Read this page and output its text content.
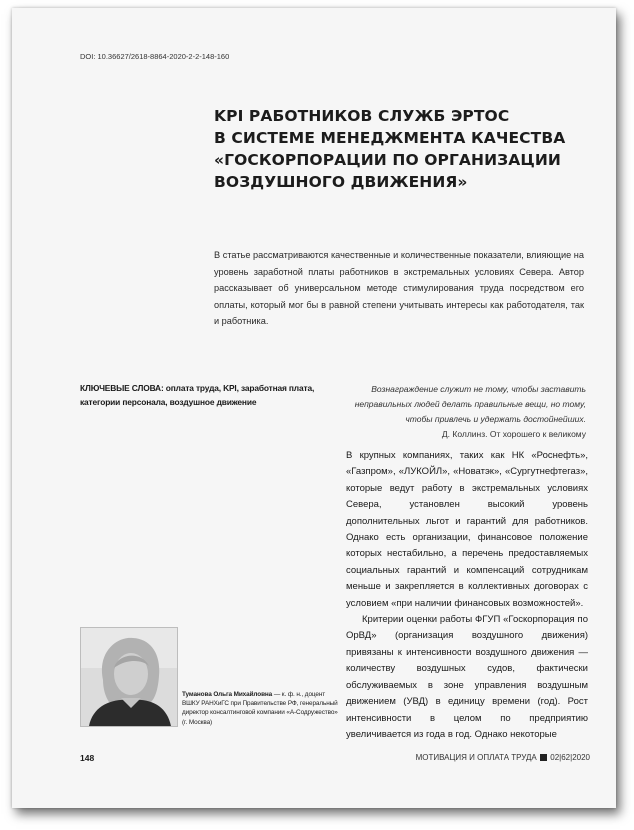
DOI: 10.36627/2618-8864-2020-2-2-148-160
KPI РАБОТНИКОВ СЛУЖБ ЭРТОС
В СИСТЕМЕ МЕНЕДЖМЕНТА КАЧЕСТВА
«ГОСКОРПОРАЦИИ ПО ОРГАНИЗАЦИИ
ВОЗДУШНОГО ДВИЖЕНИЯ»

В статье рассматриваются качественные и количественные показатели, влияющие на уровень заработной платы работников в экстремальных условиях Севера. Автор рассказывает об универсальном методе стимулирования труда посредством его оплаты, который мог бы в равной степени учитывать интересы как работодателя, так и работника.

КЛЮЧЕВЫЕ СЛОВА: оплата труда, KPI, заработная плата, категории персонала, воздушное движение

Вознаграждение служит не тому, чтобы заставить
неправильных людей делать правильные вещи, но тому,
чтобы привлечь и удержать достойнейших.
Д. Коллинз. От хорошего к великому

В крупных компаниях, таких как НК «Роснефть», «Газпром», «ЛУКОЙЛ», «Новатэк», «Сургутнефтегаз», которые ведут работу в экстремальных условиях Севера, установлен высокий уровень дополнительных льгот и гарантий для работников. Однако есть организации, финансовое положение которых нестабильно, а перечень предоставляемых социальных гарантий и компенсаций сотрудникам меньше и закрепляется в коллективных договорах с условием «при наличии финансовых возможностей».

Критерии оценки работы ФГУП «Госкорпорация по ОрВД» (организация воздушного движения) привязаны к интенсивности воздушного движения — количеству воздушных судов, фактически обслуживаемых в зоне управления воздушным движением (УВД) в единицу времени (год). Рост интенсивности в целом по предприятию увеличивается из года в год. Однако некоторые

Туманова Ольга Михайловна — к. ф. н., доцент ВШКУ РАНХиГС при Правительстве РФ, генеральный директор консалтинговой компании «А-Содружество» (г. Москва)

148	МОТИВАЦИЯ И ОПЛАТА ТРУДА 02|62|2020
